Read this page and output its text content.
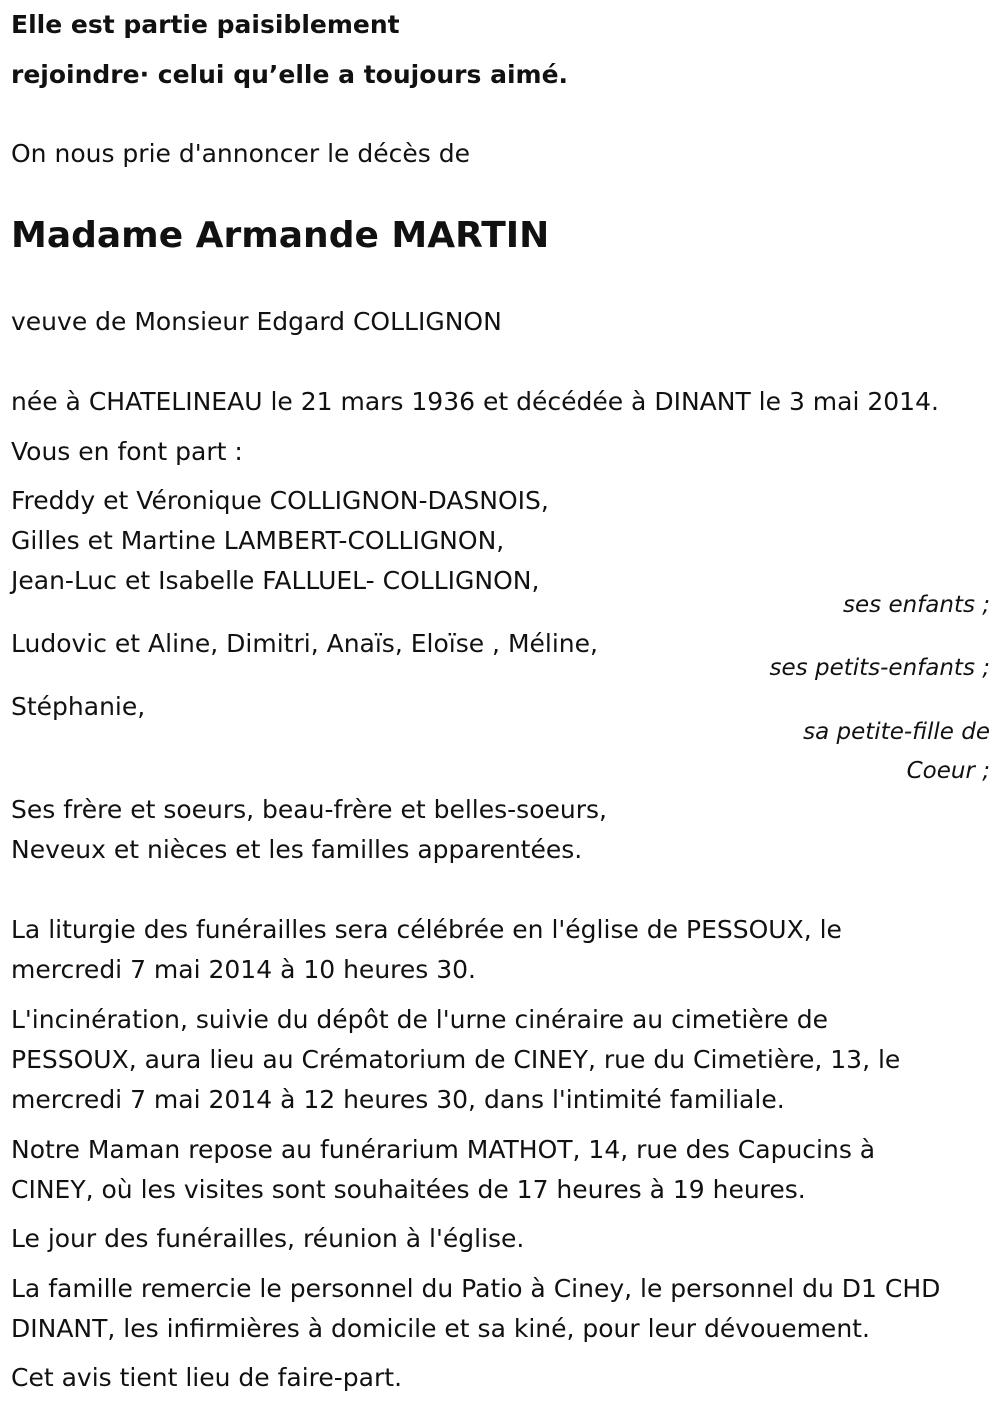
Elle est partie paisiblement
rejoindre· celui qu’elle a toujours aimé.
On nous prie d'annoncer le décès de
Madame Armande MARTIN
veuve de Monsieur Edgard COLLIGNON
née à CHATELINEAU le 21 mars 1936 et décédée à DINANT le 3 mai 2014.
Vous en font part :
Freddy et Véronique COLLIGNON-DASNOIS,
Gilles et Martine LAMBERT-COLLIGNON,
Jean-Luc et Isabelle FALLUEL- COLLIGNON,
ses enfants ;
Ludovic et Aline, Dimitri, Anaïs, Eloïse , Méline,
ses petits-enfants ;
Stéphanie,
sa petite-fille de
Coeur ;
Ses frère et soeurs, beau-frère et belles-soeurs,
Neveux et nièces et les familles apparentées.
La liturgie des funérailles sera célébrée en l'église de PESSOUX, le
mercredi 7 mai 2014 à 10 heures 30.
L'incinération, suivie du dépôt de l'urne cinéraire au cimetière de
PESSOUX, aura lieu au Crématorium de CINEY, rue du Cimetière, 13, le
mercredi 7 mai 2014 à 12 heures 30, dans l'intimité familiale.
Notre Maman repose au funérarium MATHOT, 14, rue des Capucins à
CINEY, où les visites sont souhaitées de 17 heures à 19 heures.
Le jour des funérailles, réunion à l'église.
La famille remercie le personnel du Patio à Ciney, le personnel du D1 CHD
DINANT, les infirmières à domicile et sa kiné, pour leur dévouement.
Cet avis tient lieu de faire-part.
